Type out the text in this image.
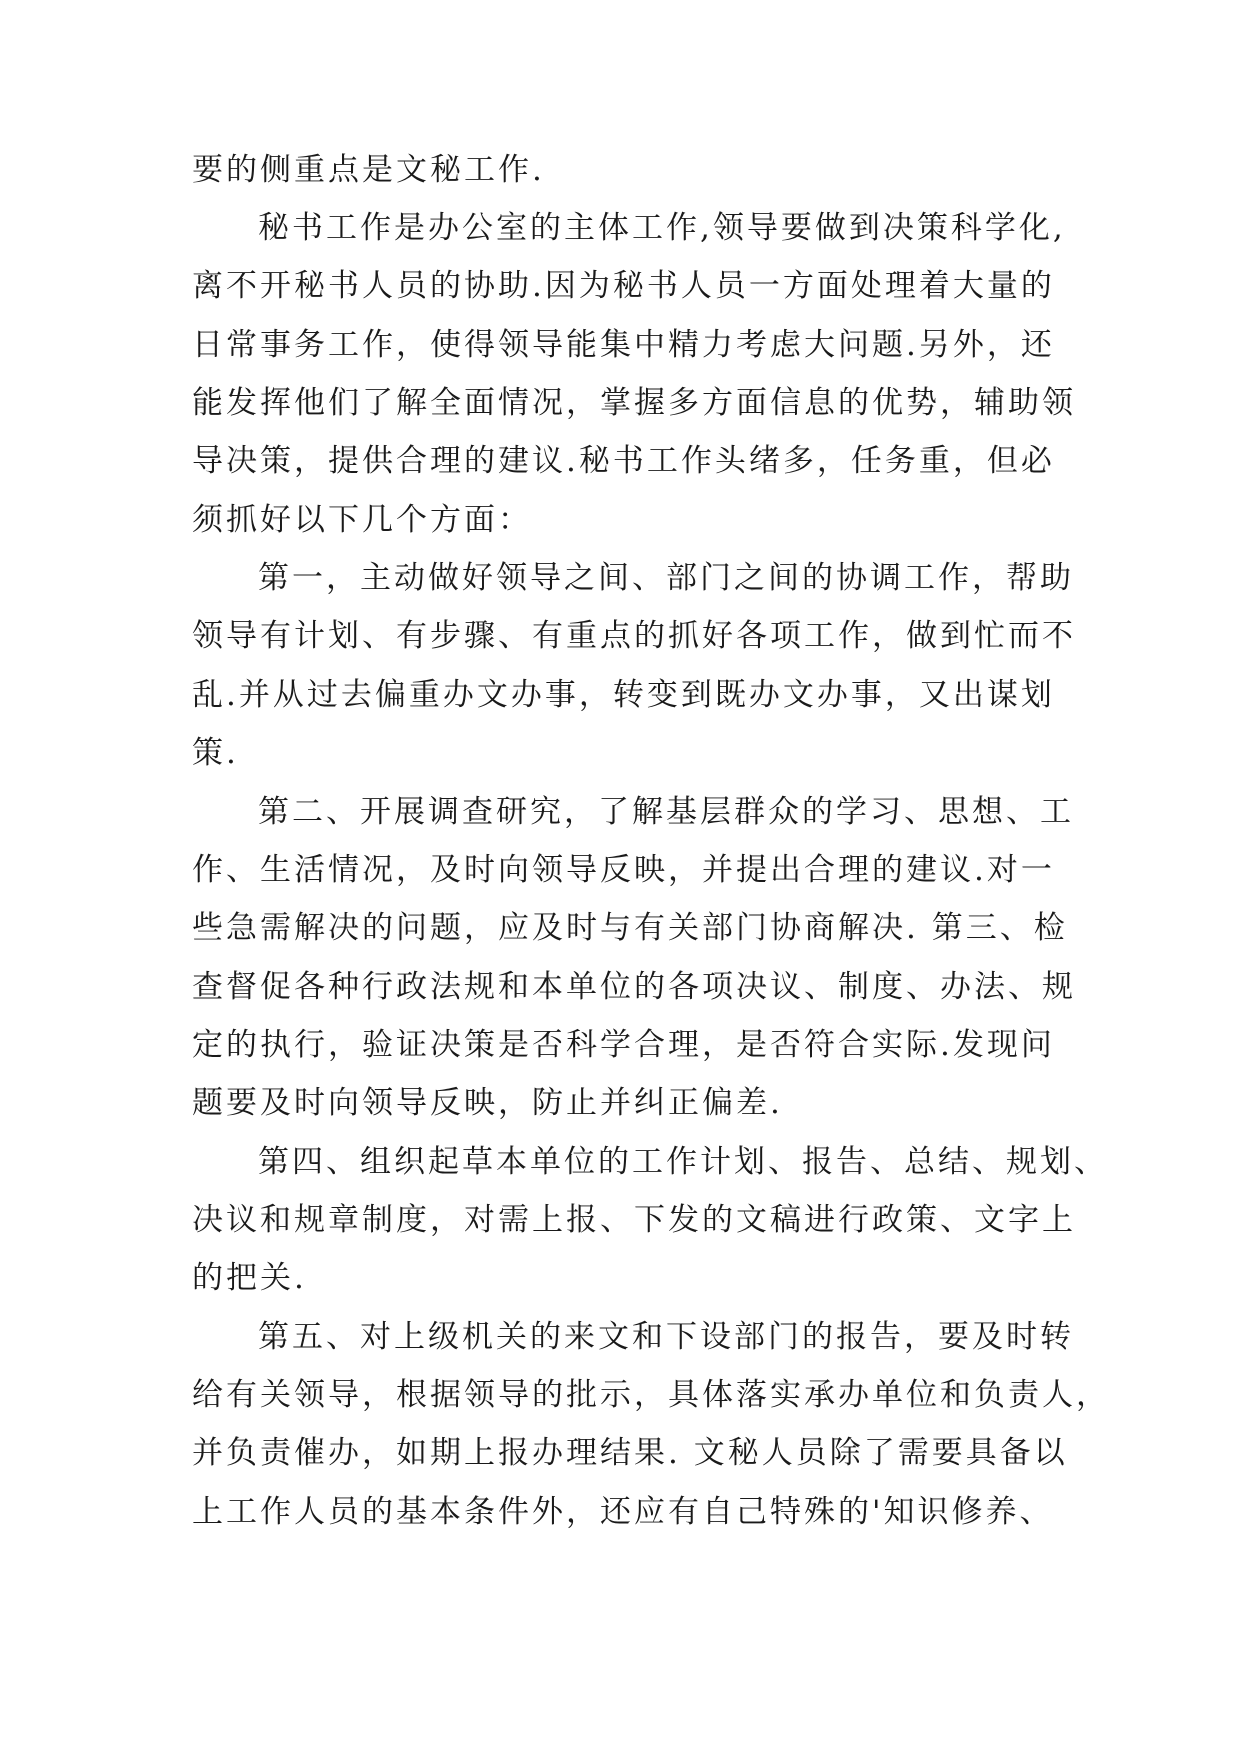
要的侧重点是文秘工作.
秘书工作是办公室的主体工作,领导要做到决策科学化,
离不开秘书人员的协助.因为秘书人员一方面处理着大量的
日常事务工作，使得领导能集中精力考虑大问题.另外，还
能发挥他们了解全面情况，掌握多方面信息的优势，辅助领
导决策，提供合理的建议.秘书工作头绪多，任务重，但必
须抓好以下几个方面：
第一，主动做好领导之间、部门之间的协调工作，帮助
领导有计划、有步骤、有重点的抓好各项工作，做到忙而不
乱.并从过去偏重办文办事，转变到既办文办事，又出谋划
策.
第二、开展调查研究，了解基层群众的学习、思想、工
作、生活情况，及时向领导反映，并提出合理的建议.对一
些急需解决的问题，应及时与有关部门协商解决. 第三、检
查督促各种行政法规和本单位的各项决议、制度、办法、规
定的执行，验证决策是否科学合理，是否符合实际.发现问
题要及时向领导反映，防止并纠正偏差.
第四、组织起草本单位的工作计划、报告、总结、规划、
决议和规章制度，对需上报、下发的文稿进行政策、文字上
的把关.
第五、对上级机关的来文和下设部门的报告，要及时转
给有关领导，根据领导的批示，具体落实承办单位和负责人，
并负责催办，如期上报办理结果. 文秘人员除了需要具备以
上工作人员的基本条件外，还应有自己特殊的'知识修养、
